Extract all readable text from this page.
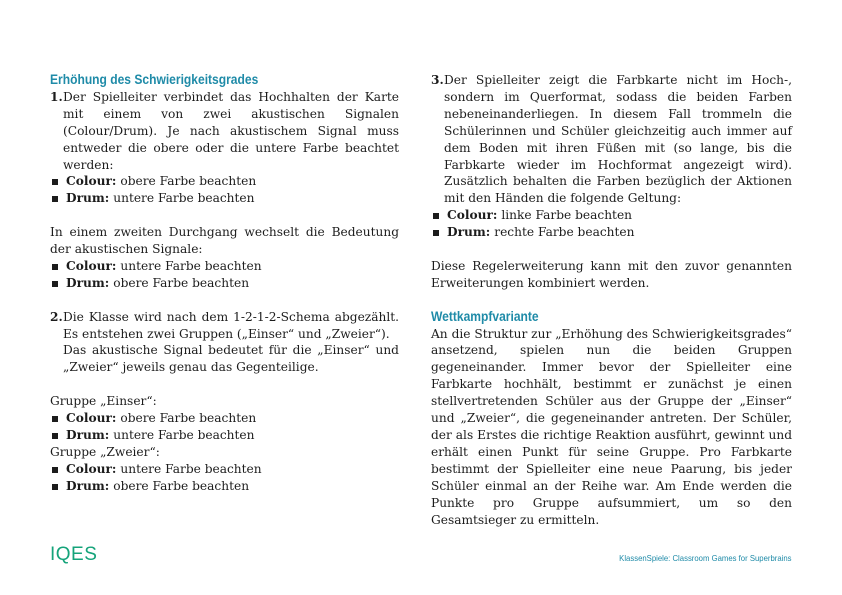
Erhöhung des Schwierigkeitsgrades
1. Der Spielleiter verbindet das Hochhalten der Karte mit einem von zwei akustischen Signalen (Colour/Drum). Je nach akustischem Signal muss entweder die obere oder die untere Farbe beachtet werden:
Colour: obere Farbe beachten
Drum: untere Farbe beachten

In einem zweiten Durchgang wechselt die Bedeutung der akustischen Signale:

Colour: untere Farbe beachten
Drum: obere Farbe beachten
2. Die Klasse wird nach dem 1-2-1-2-Schema abgezählt. Es entstehen zwei Gruppen („Einser“ und „Zweier“).

Das akustische Signal bedeutet für die „Einser“ und „Zweier“ jeweils genau das Gegenteilige.

Gruppe „Einser“:

Colour: obere Farbe beachten
Drum: untere Farbe beachten

Gruppe „Zweier“:

Colour: untere Farbe beachten
Drum: obere Farbe beachten
3. Der Spielleiter zeigt die Farbkarte nicht im Hoch-, sondern im Querformat, sodass die beiden Farben nebeneinanderliegen. In diesem Fall trommeln die Schülerinnen und Schüler gleichzeitig auch immer auf dem Boden mit ihren Füßen mit (so lange, bis die Farbkarte wieder im Hochformat angezeigt wird). Zusätzlich behalten die Farben bezüglich der Aktionen mit den Händen die folgende Geltung:
Colour: linke Farbe beachten
Drum: rechte Farbe beachten

Diese Regelerweiterung kann mit den zuvor genannten Erweiterungen kombiniert werden.

Wettkampfvariante

An die Struktur zur „Erhöhung des Schwierigkeitsgrades“ ansetzend, spielen nun die beiden Gruppen gegeneinander. Immer bevor der Spielleiter eine Farbkarte hochhält, bestimmt er zunächst je einen stellvertretenden Schüler aus der Gruppe der „Einser“ und „Zweier“, die gegeneinander antreten. Der Schüler, der als Erstes die richtige Reaktion ausführt, gewinnt und erhält einen Punkt für seine Gruppe. Pro Farbkarte bestimmt der Spielleiter eine neue Paarung, bis jeder Schüler einmal an der Reihe war. Am Ende werden die Punkte pro Gruppe aufsummiert, um so den Gesamtsieger zu ermitteln.

IQES	KlassenSpiele: Classroom Games for Superbrains
